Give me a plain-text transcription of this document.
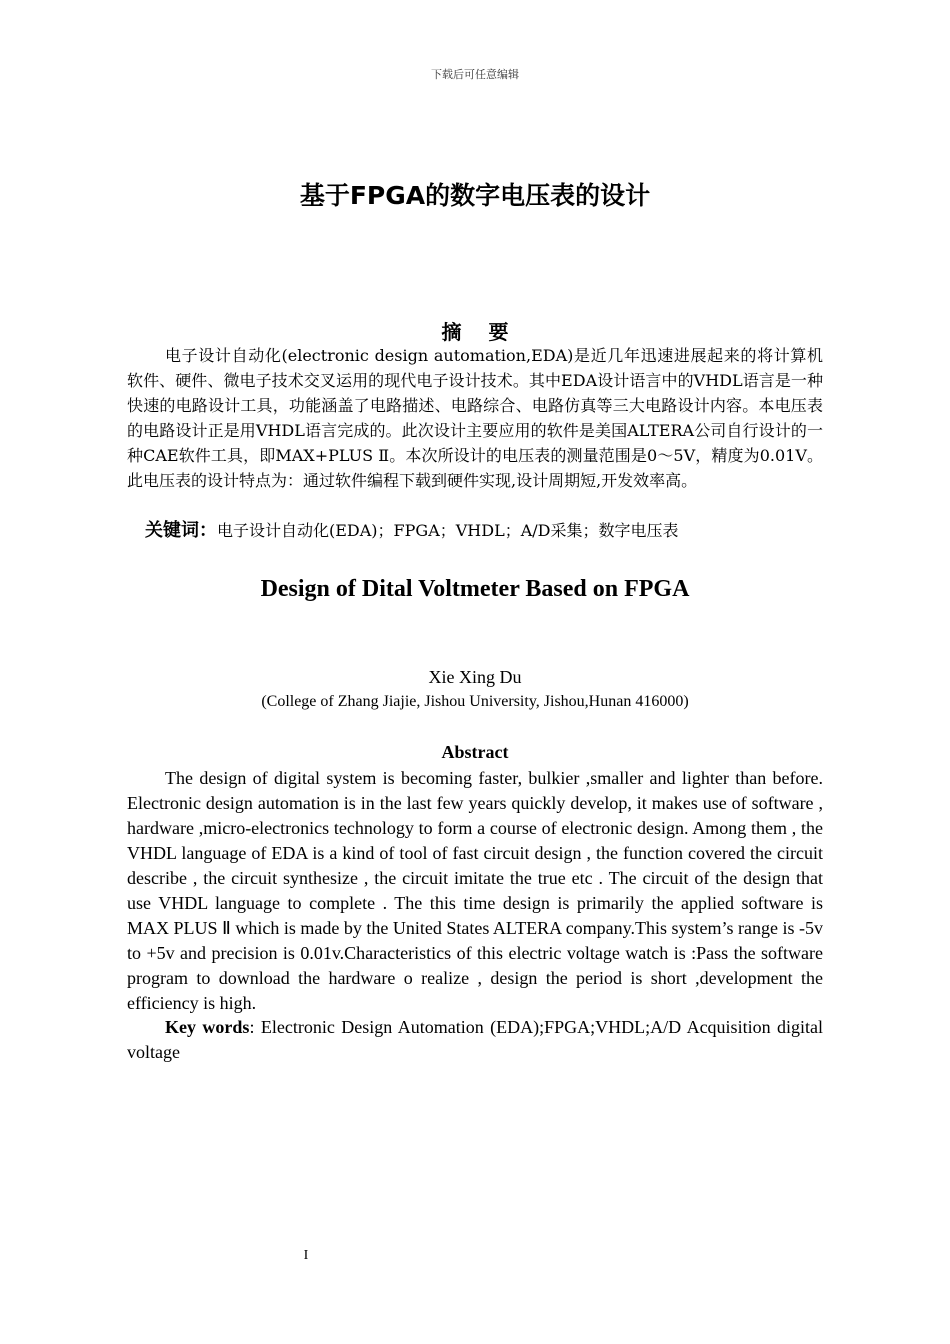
下载后可任意编辑
基于FPGA的数字电压表的设计
摘 要
电子设计自动化(electronic design automation,EDA)是近几年迅速进展起来的将计算机软件、硬件、微电子技术交叉运用的现代电子设计技术。其中EDA设计语言中的VHDL语言是一种快速的电路设计工具，功能涵盖了电路描述、电路综合、电路仿真等三大电路设计内容。本电压表的电路设计正是用VHDL语言完成的。此次设计主要应用的软件是美国ALTERA公司自行设计的一种CAE软件工具，即MAX+PLUS Ⅱ。本次所设计的电压表的测量范围是0～5V，精度为0.01V。此电压表的设计特点为：通过软件编程下载到硬件实现,设计周期短,开发效率高。
关键词：电子设计自动化(EDA)；FPGA；VHDL；A/D采集；数字电压表
Design of Dital Voltmeter Based on FPGA
Xie Xing Du
(College of Zhang Jiajie, Jishou University, Jishou,Hunan 416000)
Abstract
The design of digital system is becoming faster, bulkier ,smaller and lighter than before. Electronic design automation is in the last few years quickly develop, it makes use of software , hardware ,micro-electronics technology to form a course of electronic design. Among them , the VHDL language of EDA is a kind of tool of fast circuit design , the function covered the circuit describe , the circuit synthesize , the circuit imitate the true etc . The circuit of the design that use VHDL language to complete . The this time design is primarily the applied software is MAX PLUS Ⅱ which is made by the United States ALTERA company.This system’s range is -5v to +5v and precision is 0.01v.Characteristics of this electric voltage watch is :Pass the software program to download the hardware o realize , design the period is short ,development the efficiency is high.
Key words: Electronic Design Automation (EDA);FPGA;VHDL;A/D Acquisition digital voltage
I
